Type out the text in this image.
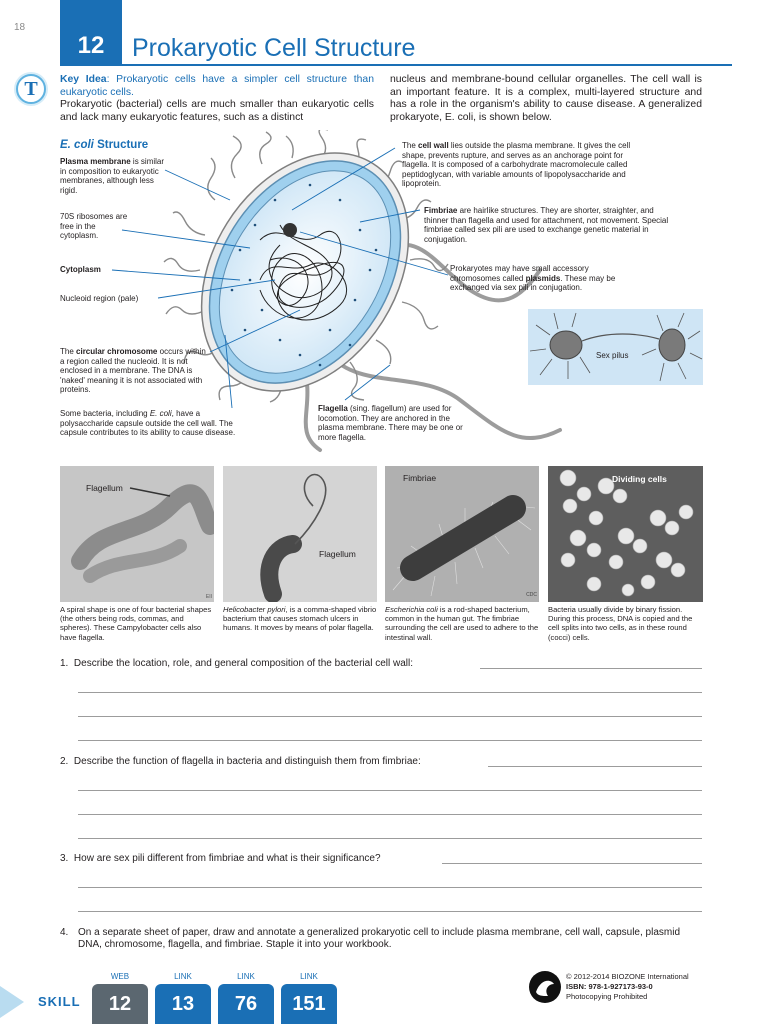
18
12	Prokaryotic Cell Structure
T	Key Idea: Prokaryotic cells have a simpler cell structure than eukaryotic cells.
Prokaryotic (bacterial) cells are much smaller than eukaryotic cells and lack many eukaryotic features, such as a distinct
nucleus and membrane-bound cellular organelles. The cell wall is an important feature. It is a complex, multi-layered structure and has a role in the organism's ability to cause disease. A generalized prokaryote, E. coli, is shown below.
E. coli Structure
Plasma membrane is similar in composition to eukaryotic membranes, although less rigid.
70S ribosomes are free in the cytoplasm.
Cytoplasm
Nucleoid region (pale)
The circular chromosome occurs within a region called the nucleoid. It is not enclosed in a membrane. The DNA is 'naked' meaning it is not associated with proteins.
Some bacteria, including E. coli, have a polysaccharide capsule outside the cell wall. The capsule contributes to its ability to cause disease.
The cell wall lies outside the plasma membrane. It gives the cell shape, prevents rupture, and serves as an anchorage point for flagella. It is composed of a carbohydrate macromolecule called peptidoglycan, with variable amounts of lipopolysaccharide and lipoprotein.
Fimbriae are hairlike structures. They are shorter, straighter, and thinner than flagella and used for attachment, not movement. Special fimbriae called sex pili are used to exchange genetic material in conjugation.
Prokaryotes may have small accessory chromosomes called plasmids. These may be exchanged via sex pili in conjugation.
Flagella (sing. flagellum) are used for locomotion. They are anchored in the plasma membrane. There may be one or more flagella.
Sex pilus
Flagellum
EII
Flagellum
Fimbriae
CDC
Dividing cells
A spiral shape is one of four bacterial shapes (the others being rods, commas, and spheres). These Campylobacter cells also have flagella.
Helicobacter pylori, is a comma-shaped vibrio bacterium that causes stomach ulcers in humans. It moves by means of polar flagella.
Escherichia coli is a rod-shaped bacterium, common in the human gut. The fimbriae surrounding the cell are used to adhere to the intestinal wall.
Bacteria usually divide by binary fission. During this process, DNA is copied and the cell splits into two cells, as in these round (cocci) cells.
1. Describe the location, role, and general composition of the bacterial cell wall:
2. Describe the function of flagella in bacteria and distinguish them from fimbriae:
3. How are sex pili different from fimbriae and what is their significance?
4. On a separate sheet of paper, draw and annotate a generalized prokaryotic cell to include plasma membrane, cell wall, capsule, plasmid DNA, chromosome, flagella, and fimbriae. Staple it into your workbook.
SKILL
WEB
12
LINK
13
LINK
76
LINK
151
© 2012-2014 BIOZONE International
ISBN: 978-1-927173-93-0
Photocopying Prohibited
